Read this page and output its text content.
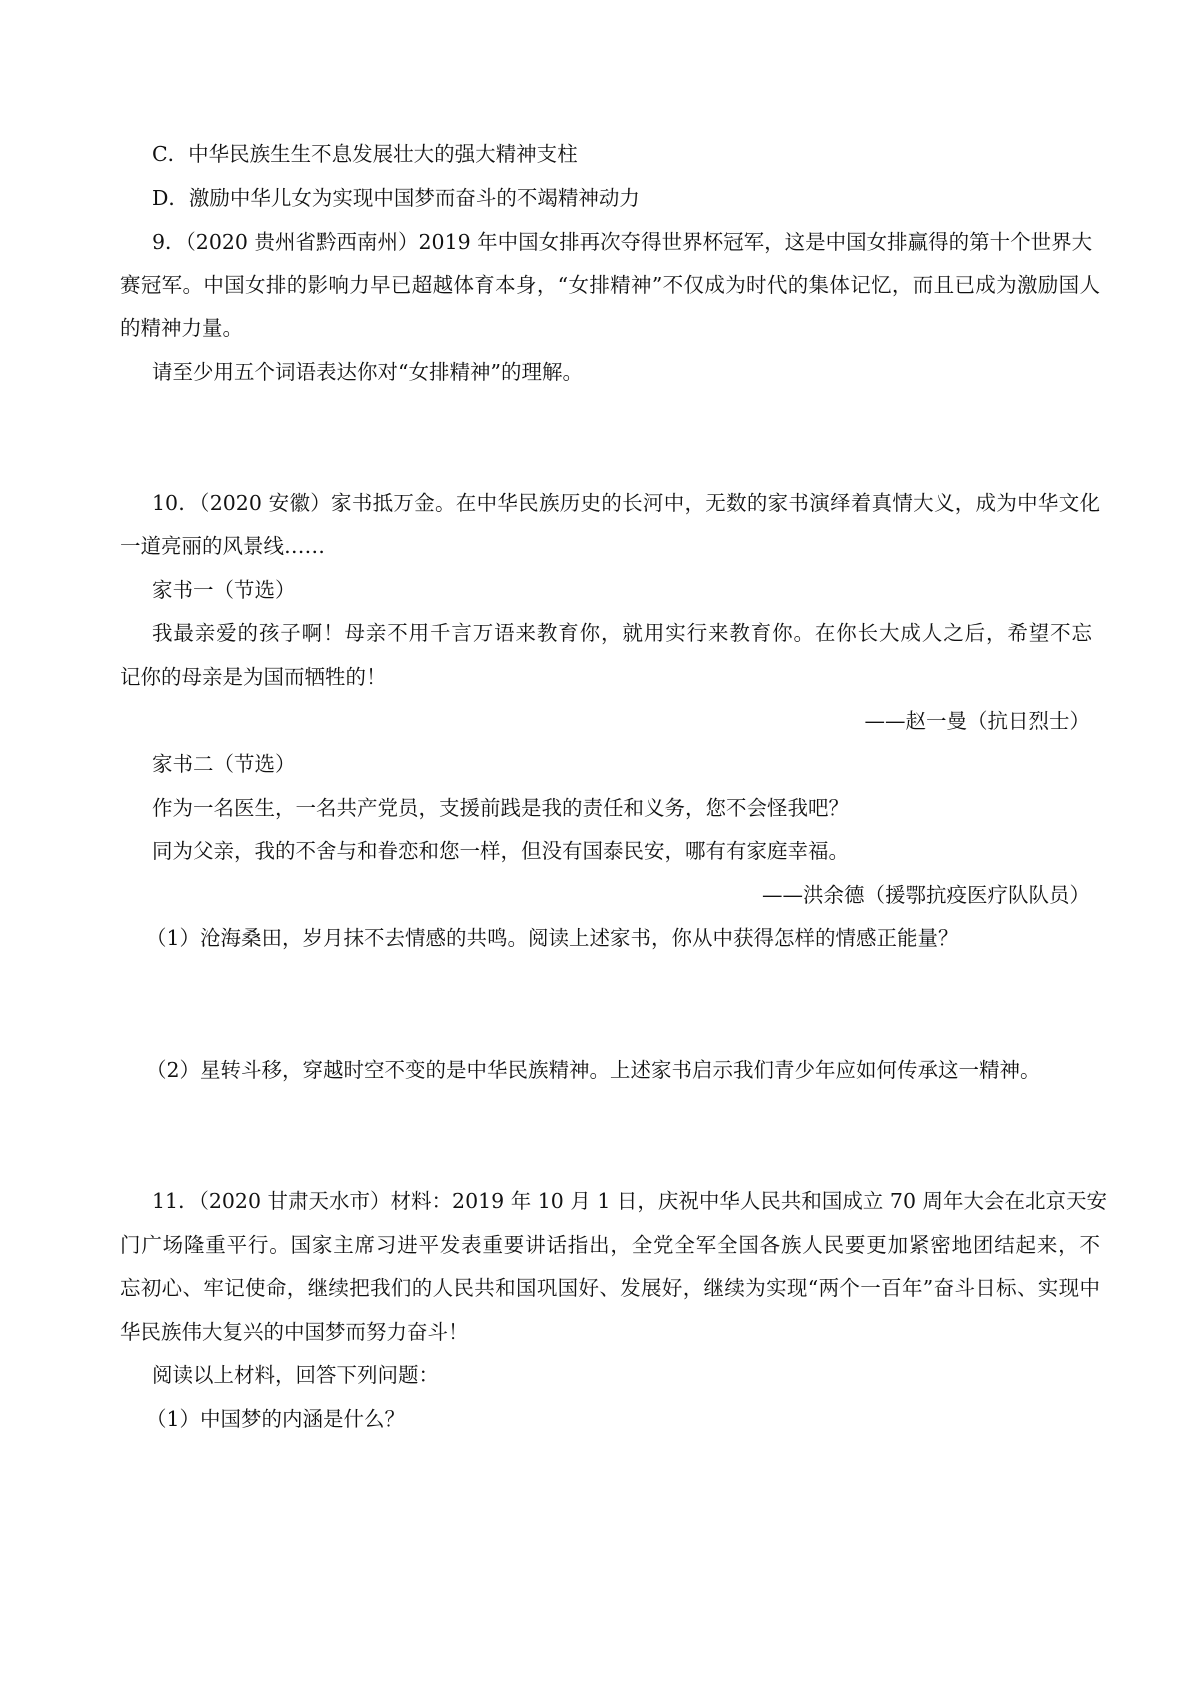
C．中华民族生生不息发展壮大的强大精神支柱
D．激励中华儿女为实现中国梦而奋斗的不竭精神动力
9．（2020 贵州省黔西南州）2019 年中国女排再次夺得世界杯冠军，这是中国女排赢得的第十个世界大
赛冠军。中国女排的影响力早已超越体育本身，“女排精神”不仅成为时代的集体记忆，而且已成为激励国人
的精神力量。
请至少用五个词语表达你对“女排精神”的理解。
10．（2020 安徽）家书抵万金。在中华民族历史的长河中，无数的家书演绎着真情大义，成为中华文化
一道亮丽的风景线……
家书一（节选）
我最亲爱的孩子啊！母亲不用千言万语来教育你，就用实行来教育你。在你长大成人之后，希望不忘
记你的母亲是为国而牺牲的！
——赵一曼（抗日烈士）
家书二（节选）
作为一名医生，一名共产党员，支援前践是我的责任和义务，您不会怪我吧？
同为父亲，我的不舍与和眷恋和您一样，但没有国泰民安，哪有有家庭幸福。
——洪余德（援鄂抗疫医疗队队员）
（1）沧海桑田，岁月抹不去情感的共鸣。阅读上述家书，你从中获得怎样的情感正能量？
（2）星转斗移，穿越时空不变的是中华民族精神。上述家书启示我们青少年应如何传承这一精神。
11．（2020 甘肃天水市）材料：2019 年 10 月 1 日，庆祝中华人民共和国成立 70 周年大会在北京天安
门广场隆重平行。国家主席习进平发表重要讲话指出，全党全军全国各族人民要更加紧密地团结起来，不
忘初心、牢记使命，继续把我们的人民共和国巩国好、发展好，继续为实现“两个一百年”奋斗日标、实现中
华民族伟大复兴的中国梦而努力奋斗！
阅读以上材料，回答下列问题：
（1）中国梦的内涵是什么？
